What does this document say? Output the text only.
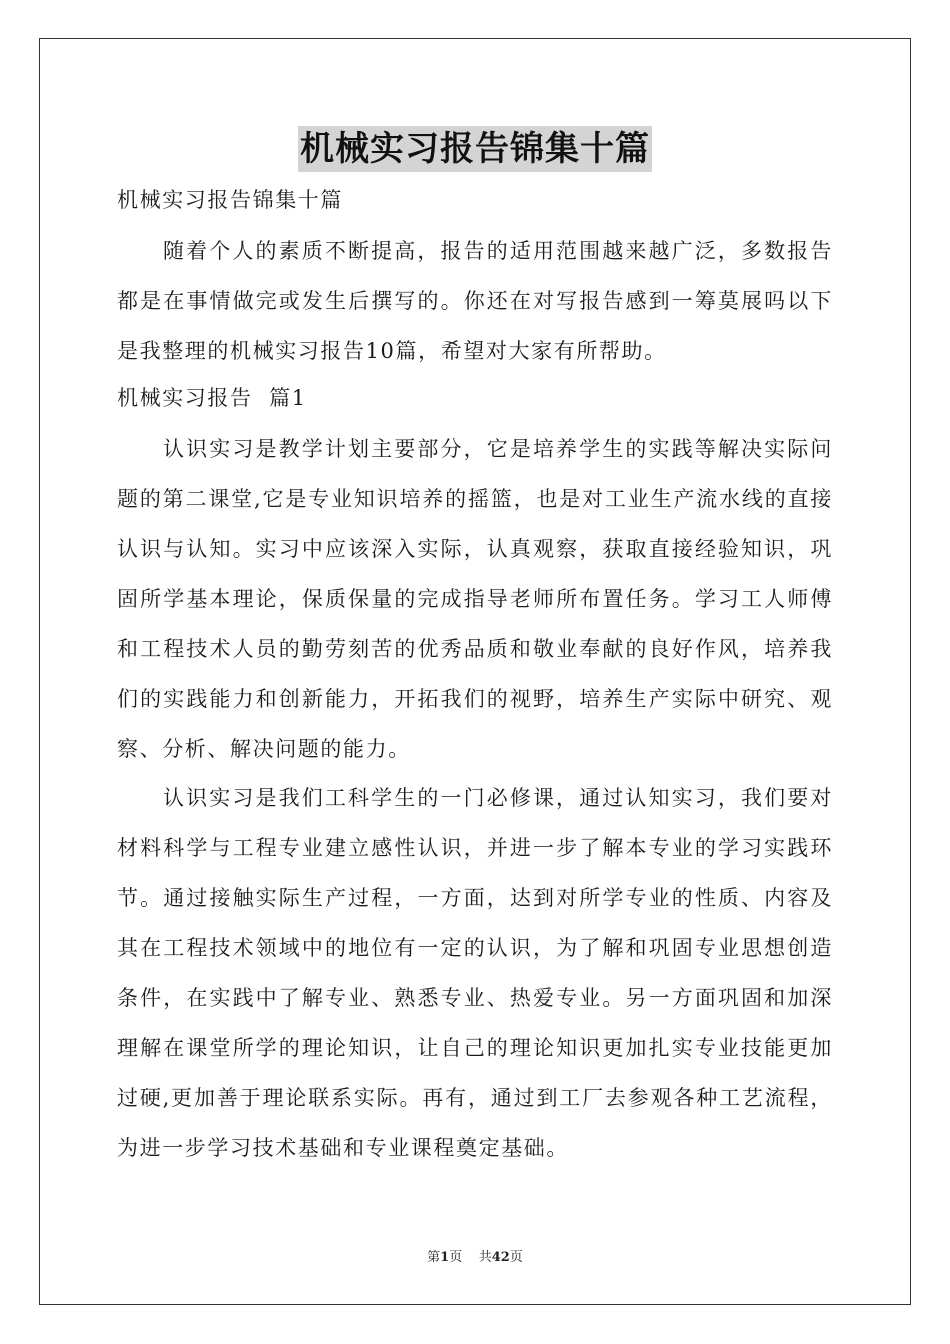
机械实习报告锦集十篇
机械实习报告锦集十篇
随着个人的素质不断提高，报告的适用范围越来越广泛，多数报告都是在事情做完或发生后撰写的。你还在对写报告感到一筹莫展吗以下是我整理的机械实习报告10篇，希望对大家有所帮助。
机械实习报告  篇1
认识实习是教学计划主要部分，它是培养学生的实践等解决实际问题的第二课堂,它是专业知识培养的摇篮，也是对工业生产流水线的直接认识与认知。实习中应该深入实际，认真观察，获取直接经验知识，巩固所学基本理论，保质保量的完成指导老师所布置任务。学习工人师傅和工程技术人员的勤劳刻苦的优秀品质和敬业奉献的良好作风，培养我们的实践能力和创新能力，开拓我们的视野，培养生产实际中研究、观察、分析、解决问题的能力。
认识实习是我们工科学生的一门必修课，通过认知实习，我们要对材料科学与工程专业建立感性认识，并进一步了解本专业的学习实践环节。通过接触实际生产过程，一方面，达到对所学专业的性质、内容及其在工程技术领域中的地位有一定的认识，为了解和巩固专业思想创造条件，在实践中了解专业、熟悉专业、热爱专业。另一方面巩固和加深理解在课堂所学的理论知识，让自己的理论知识更加扎实专业技能更加过硬,更加善于理论联系实际。再有，通过到工厂去参观各种工艺流程，为进一步学习技术基础和专业课程奠定基础。
第1页 共42页
